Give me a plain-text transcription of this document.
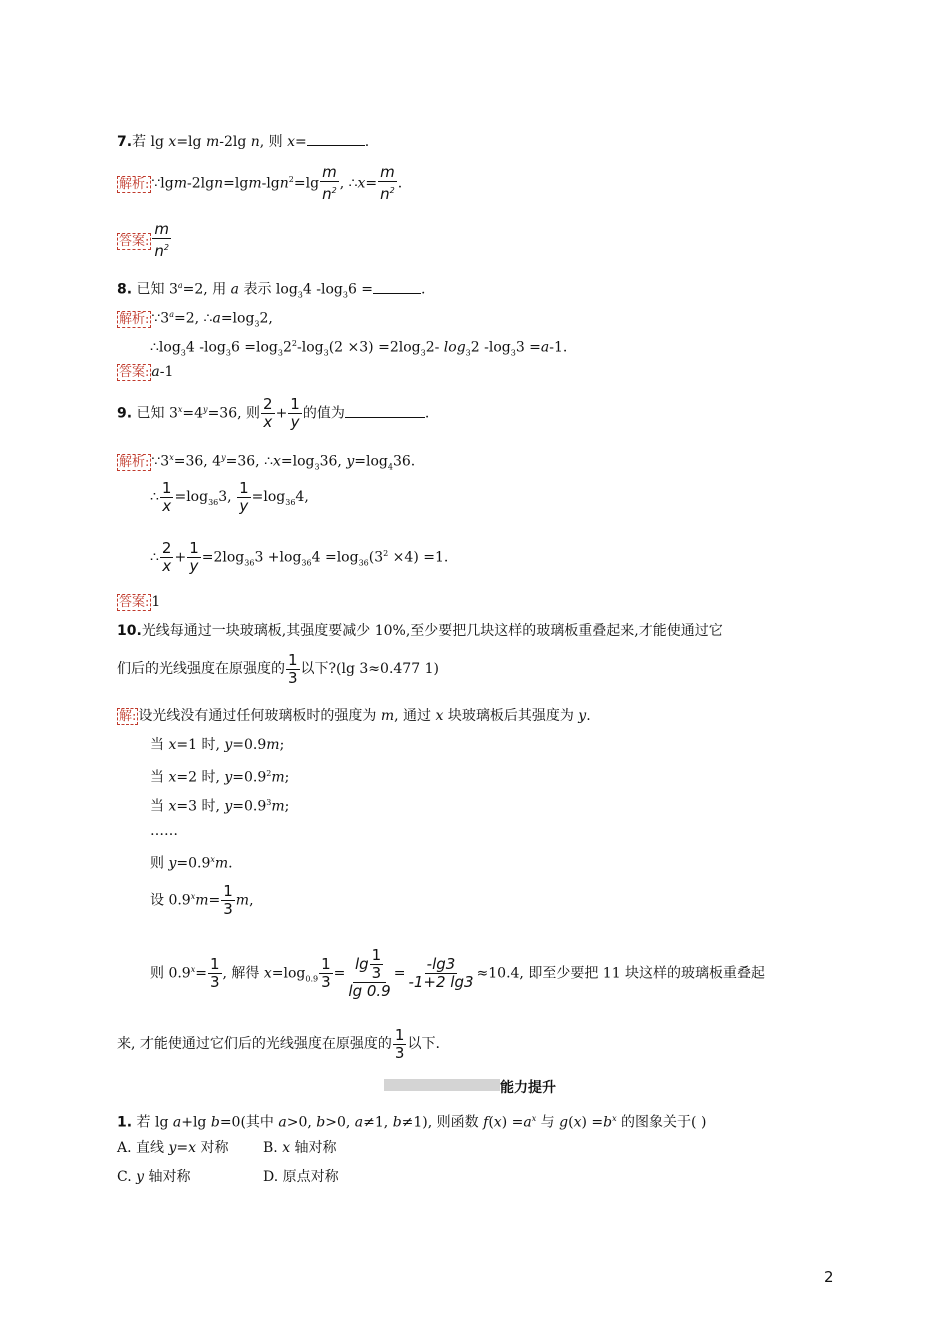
7.若 lg x=lg m-2lg n, 则 x=	.
解析: ∵lgm-2lgn=lgm-lgn$^2$=lg $\frac{m}{n^2}$ , ∴x= $\frac{m}{n^2}$ .
答案: $\frac{m}{n^2}$
8. 已知 $3^a=2$, 用 a 表示 $\log_34$ $-\log_36$ =	.
解析: $\because 3^a=2$, $\therefore a=\log_32$,
$\therefore\log_34$ $-\log_36 =\log_32^2-\log_3(2 \times 3) =2\log_32-$ $\log_32$ $-\log_33 =a-1$.
答案: a-1
9. 已知 $3^x=4^y=36$, 则 $\frac{2}{x} + \frac{1}{y}$ 的值为	.
解析: $\because 3^x=36$, $4^y=36$, $\therefore x=\log_336$, $y=\log_436$.
∴ $\frac{1}{x} =\log_{36}3$, $\frac{1}{y} =\log_{36}4$,
∴ $\frac{2}{x} + \frac{1}{y} =2\log_{36}3 +\log_{36}4 =\log_{36}(3^2 \times 4) =1$.
答案: 1
10.光线每通过一块玻璃板,其强度要减少 10%,至少要把几块这样的玻璃板重叠起来,才能使通过它
们后的光线强度在原强度的 $\frac{1}{3}$ 以下?(lg 3≈0.477 1)
解: 设光线没有通过任何玻璃板时的强度为 m, 通过 x 块玻璃板后其强度为 y.
当 x=1 时, y=0.9m;
当 x=2 时, $y=0.9^2m$;
当 x=3 时, $y=0.9^3m$;
……
则 $y=0.9^xm$.
设 $0.9^xm= \frac{1}{3} m$,
则 $0.9^x= \frac{1}{3}$ , 解得 $x=\log_{0.9} \frac{1}{3} = \frac{\lg \frac{1}{3}}{\lg 0.9} = \frac{-\lg 3}{-1+2 \lg 3} \approx 10.4$, 即至少要把 11 块这样的玻璃板重叠起
来, 才能使通过它们后的光线强度在原强度的 $\frac{1}{3}$ 以下.
能力提升
1. 若 lg a+lg b=0(其中 a>0, b>0, a≠1, b≠1), 则函数 $f(x) =a^x$ 与 $g(x) =b^x$ 的图象关于( )
A. 直线 y=x 对称 B. x 轴对称
C. y 轴对称	D. 原点对称
2
